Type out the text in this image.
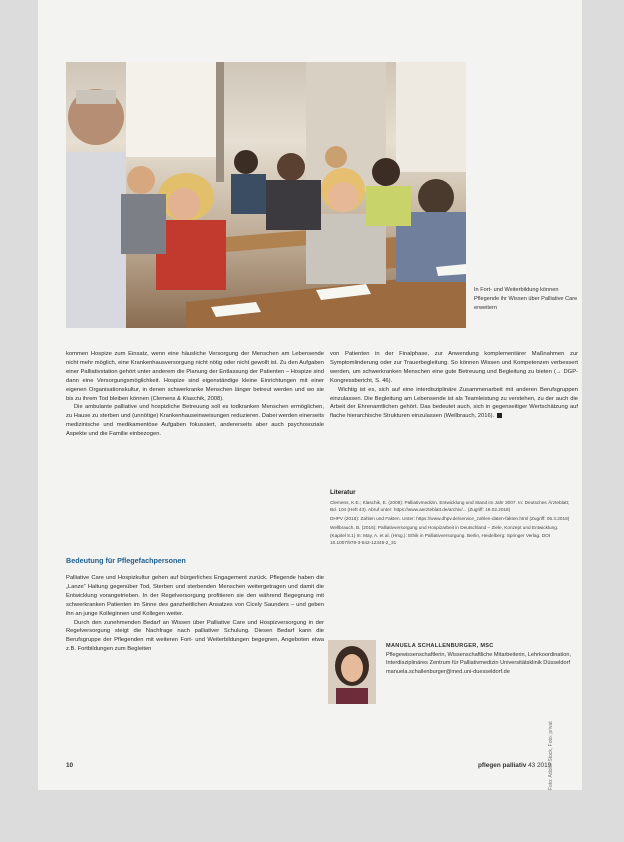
In Fort- und Weiterbildung können Pflegende ihr Wissen über Palliative Care erweitern

kommen Hospize zum Einsatz, wenn eine häusliche Versorgung der Menschen am Lebensende nicht mehr möglich, eine Krankenhausversorgung nicht nötig oder nicht gewollt ist. Zu den Aufgaben einer Palliativstation gehört unter anderem die Planung der Entlassung der Patienten – Hospize sind dann eine Versorgungsmöglichkeit. Hospize sind eigenständige kleine Einrichtungen mit einer eigenen Organisationskultur, in denen schwerkranke Menschen länger betreut werden und wo sie bis zu ihrem Tod bleiben können (Clemens & Klaschik, 2008).

Die ambulante palliative und hospizliche Betreuung soll es todkranken Menschen ermöglichen, zu Hause zu sterben und (unnötige) Krankenhauseinweisungen reduzieren. Dabei werden einerseits medizinische und medikamentöse Aufgaben fokussiert, andererseits aber auch psychosoziale Aspekte und die Familie einbezogen.

von Patienten in der Finalphase, zur Anwendung komplementärer Maßnahmen zur Symptomlinderung oder zur Trauerbegleitung. So können Wissen und Kompetenzen verbessert werden, um schwerkranken Menschen eine gute Betreuung und Begleitung zu bieten (→ DGP-Kongressbericht, S. 46).

Wichtig ist es, sich auf eine interdisziplinäre Zusammenarbeit mit anderen Berufsgruppen einzulassen. Die Begleitung am Lebensende ist als Teamleistung zu verstehen, zu der auch die Arbeit der Ehrenamtlichen gehört. Das bedeutet auch, sich in gegenseitiger Wertschätzung auf flache hierarchische Strukturen einzulassen (Wellbrauch, 2016).

Bedeutung für Pflegefachpersonen

Palliative Care und Hospizkultur gehen auf bürgerliches Engagement zurück. Pflegende haben die „Lanze“ Haltung gegenüber Tod, Sterben und sterbenden Menschen weitergetragen und damit die Entwicklung vorangetrieben. In der Regelversorgung profitieren sie den während Begegnung mit schwerkranken Patienten im Sinne des ganzheitlichen Ansatzes von Cicely Saunders – und geben ihn an junge Kolleginnen und Kollegen weiter.

Durch den zunehmenden Bedarf an Wissen über Palliative Care und Hospizversorgung in der Regelversorgung steigt die Nachfrage nach palliativer Schulung. Diesen Bedarf kann die Berufsgruppe der Pflegenden mit weiteren Fort- und Weiterbildungen begegnen, Angeboten etwa z.B. Fortbildungen zum Begleiten

Literatur

Clemens, K.E.; Klaschik, E. (2008): Palliativmedizin. Entwicklung und Stand im Jahr 2007. In: Deutsches Ärzteblatt; Bd. 104 (Heft 43). Abruf unter: https://www.aerzteblatt.de/archiv/... (Zugriff: 19.02.2018)

DHPV (2018): Zahlen und Fakten. Unter: https://www.dhpv.de/service_zahlen-daten-fakten.html (Zugriff: 05.3.2018)

Wellbrauch, B. (2016): Palliativversorgung und Hospizarbeit in Deutschland – Ziele, Konzept und Entwicklung. (Kapitel 8.1) In: May, A. et al. (Hrsg.): Ethik in Palliativversorgung. Berlin, Heidelberg: Springer Verlag. DOI 10.1007/978-3-642-12345-2_31

MANUELA SCHALLENBURGER, MSC
Pflegewissenschaftlerin, Wissenschaftliche Mitarbeiterin, Lehrkoordination, Interdisziplinäres Zentrum für Palliativmedizin Universitätsklinik Düsseldorf manuela.schallenburger@med.uni-duesseldorf.de
10	pflegen palliativ 43 2019
Foto: Adobe Stock, Foto: privat
